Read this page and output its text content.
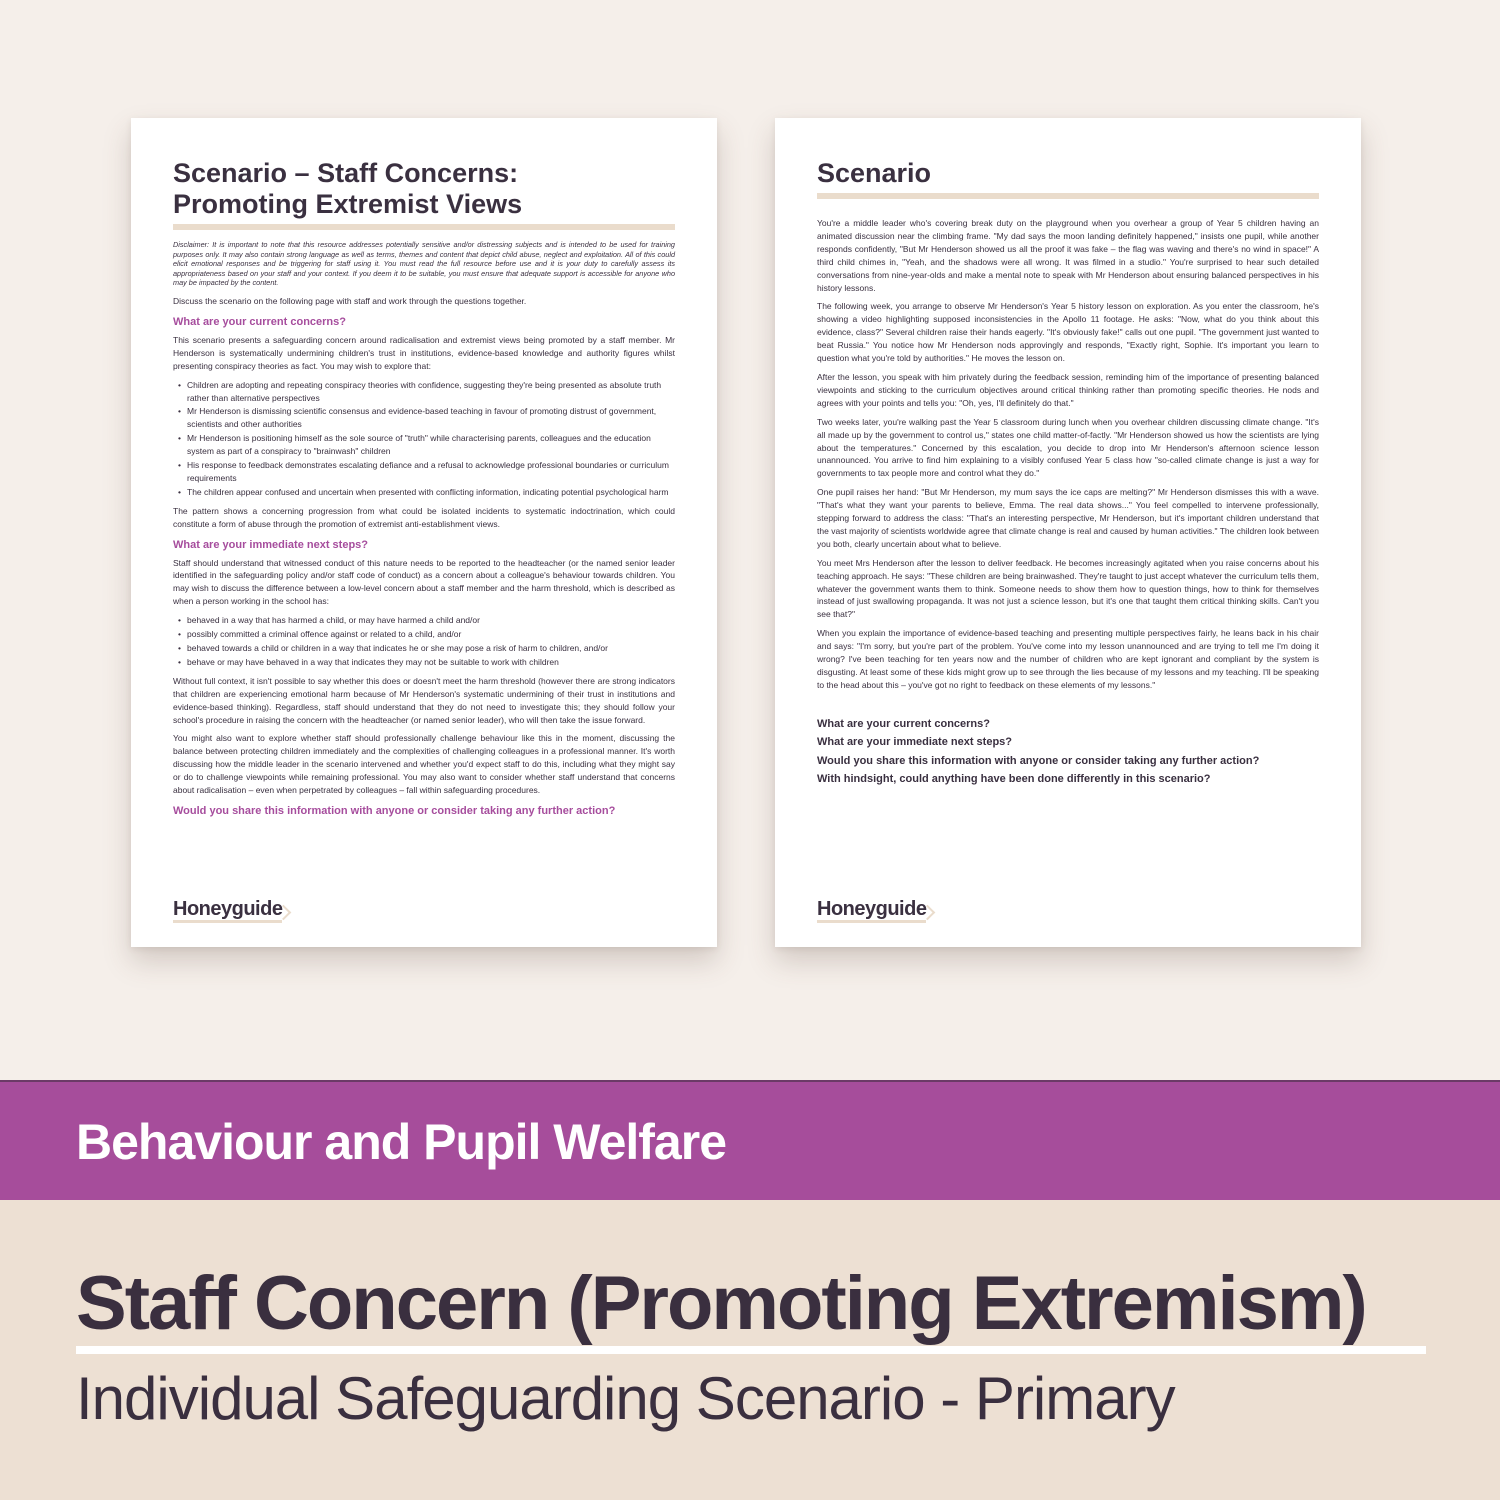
Scenario – Staff Concerns:
Promoting Extremist Views

Disclaimer: It is important to note that this resource addresses potentially sensitive and/or distressing subjects and is intended to be used for training purposes only. It may also contain strong language as well as terms, themes and content that depict child abuse, neglect and exploitation. All of this could elicit emotional responses and be triggering for staff using it. You must read the full resource before use and it is your duty to carefully assess its appropriateness based on your staff and your context. If you deem it to be suitable, you must ensure that adequate support is accessible for anyone who may be impacted by the content.

Discuss the scenario on the following page with staff and work through the questions together.

What are your current concerns?

This scenario presents a safeguarding concern around radicalisation and extremist views being promoted by a staff member. Mr Henderson is systematically undermining children's trust in institutions, evidence-based knowledge and authority figures whilst presenting conspiracy theories as fact. You may wish to explore that:

• Children are adopting and repeating conspiracy theories with confidence, suggesting they're being presented as absolute truth rather than alternative perspectives
• Mr Henderson is dismissing scientific consensus and evidence-based teaching in favour of promoting distrust of government, scientists and other authorities
• Mr Henderson is positioning himself as the sole source of "truth" while characterising parents, colleagues and the education system as part of a conspiracy to "brainwash" children
• His response to feedback demonstrates escalating defiance and a refusal to acknowledge professional boundaries or curriculum requirements
• The children appear confused and uncertain when presented with conflicting information, indicating potential psychological harm

The pattern shows a concerning progression from what could be isolated incidents to systematic indoctrination, which could constitute a form of abuse through the promotion of extremist anti-establishment views.

What are your immediate next steps?

Staff should understand that witnessed conduct of this nature needs to be reported to the headteacher (or the named senior leader identified in the safeguarding policy and/or staff code of conduct) as a concern about a colleague's behaviour towards children. You may wish to discuss the difference between a low-level concern about a staff member and the harm threshold, which is described as when a person working in the school has:

• behaved in a way that has harmed a child, or may have harmed a child and/or
• possibly committed a criminal offence against or related to a child, and/or
• behaved towards a child or children in a way that indicates he or she may pose a risk of harm to children, and/or
• behave or may have behaved in a way that indicates they may not be suitable to work with children

Without full context, it isn't possible to say whether this does or doesn't meet the harm threshold (however there are strong indicators that children are experiencing emotional harm because of Mr Henderson's systematic undermining of their trust in institutions and evidence-based thinking). Regardless, staff should understand that they do not need to investigate this; they should follow your school's procedure in raising the concern with the headteacher (or named senior leader), who will then take the issue forward.

You might also want to explore whether staff should professionally challenge behaviour like this in the moment, discussing the balance between protecting children immediately and the complexities of challenging colleagues in a professional manner. It's worth discussing how the middle leader in the scenario intervened and whether you'd expect staff to do this, including what they might say or do to challenge viewpoints while remaining professional. You may also want to consider whether staff understand that concerns about radicalisation – even when perpetrated by colleagues – fall within safeguarding procedures.

Would you share this information with anyone or consider taking any further action?
Honeyguide
Scenario

You're a middle leader who's covering break duty on the playground when you overhear a group of Year 5 children having an animated discussion near the climbing frame. "My dad says the moon landing definitely happened," insists one pupil, while another responds confidently, "But Mr Henderson showed us all the proof it was fake – the flag was waving and there's no wind in space!" A third child chimes in, "Yeah, and the shadows were all wrong. It was filmed in a studio." You're surprised to hear such detailed conversations from nine-year-olds and make a mental note to speak with Mr Henderson about ensuring balanced perspectives in his history lessons.

The following week, you arrange to observe Mr Henderson's Year 5 history lesson on exploration. As you enter the classroom, he's showing a video highlighting supposed inconsistencies in the Apollo 11 footage. He asks: "Now, what do you think about this evidence, class?" Several children raise their hands eagerly. "It's obviously fake!" calls out one pupil. "The government just wanted to beat Russia." You notice how Mr Henderson nods approvingly and responds, "Exactly right, Sophie. It's important you learn to question what you're told by authorities." He moves the lesson on.

After the lesson, you speak with him privately during the feedback session, reminding him of the importance of presenting balanced viewpoints and sticking to the curriculum objectives around critical thinking rather than promoting specific theories. He nods and agrees with your points and tells you: "Oh, yes, I'll definitely do that."

Two weeks later, you're walking past the Year 5 classroom during lunch when you overhear children discussing climate change. "It's all made up by the government to control us," states one child matter-of-factly. "Mr Henderson showed us how the scientists are lying about the temperatures." Concerned by this escalation, you decide to drop into Mr Henderson's afternoon science lesson unannounced. You arrive to find him explaining to a visibly confused Year 5 class how "so-called climate change is just a way for governments to tax people more and control what they do."

One pupil raises her hand: "But Mr Henderson, my mum says the ice caps are melting?" Mr Henderson dismisses this with a wave. "That's what they want your parents to believe, Emma. The real data shows..." You feel compelled to intervene professionally, stepping forward to address the class: "That's an interesting perspective, Mr Henderson, but it's important children understand that the vast majority of scientists worldwide agree that climate change is real and caused by human activities." The children look between you both, clearly uncertain about what to believe.

You meet Mrs Henderson after the lesson to deliver feedback. He becomes increasingly agitated when you raise concerns about his teaching approach. He says: "These children are being brainwashed. They're taught to just accept whatever the curriculum tells them, whatever the government wants them to think. Someone needs to show them how to question things, how to think for themselves instead of just swallowing propaganda. It was not just a science lesson, but it's one that taught them critical thinking skills. Can't you see that?"

When you explain the importance of evidence-based teaching and presenting multiple perspectives fairly, he leans back in his chair and says: "I'm sorry, but you're part of the problem. You've come into my lesson unannounced and are trying to tell me I'm doing it wrong? I've been teaching for ten years now and the number of children who are kept ignorant and compliant by the system is disgusting. At least some of these kids might grow up to see through the lies because of my lessons and my teaching. I'll be speaking to the head about this – you've got no right to feedback on these elements of my lessons."

What are your current concerns?
What are your immediate next steps?
Would you share this information with anyone or consider taking any further action?
With hindsight, could anything have been done differently in this scenario?
Honeyguide
Behaviour and Pupil Welfare
Staff Concern (Promoting Extremism)
Individual Safeguarding Scenario - Primary
